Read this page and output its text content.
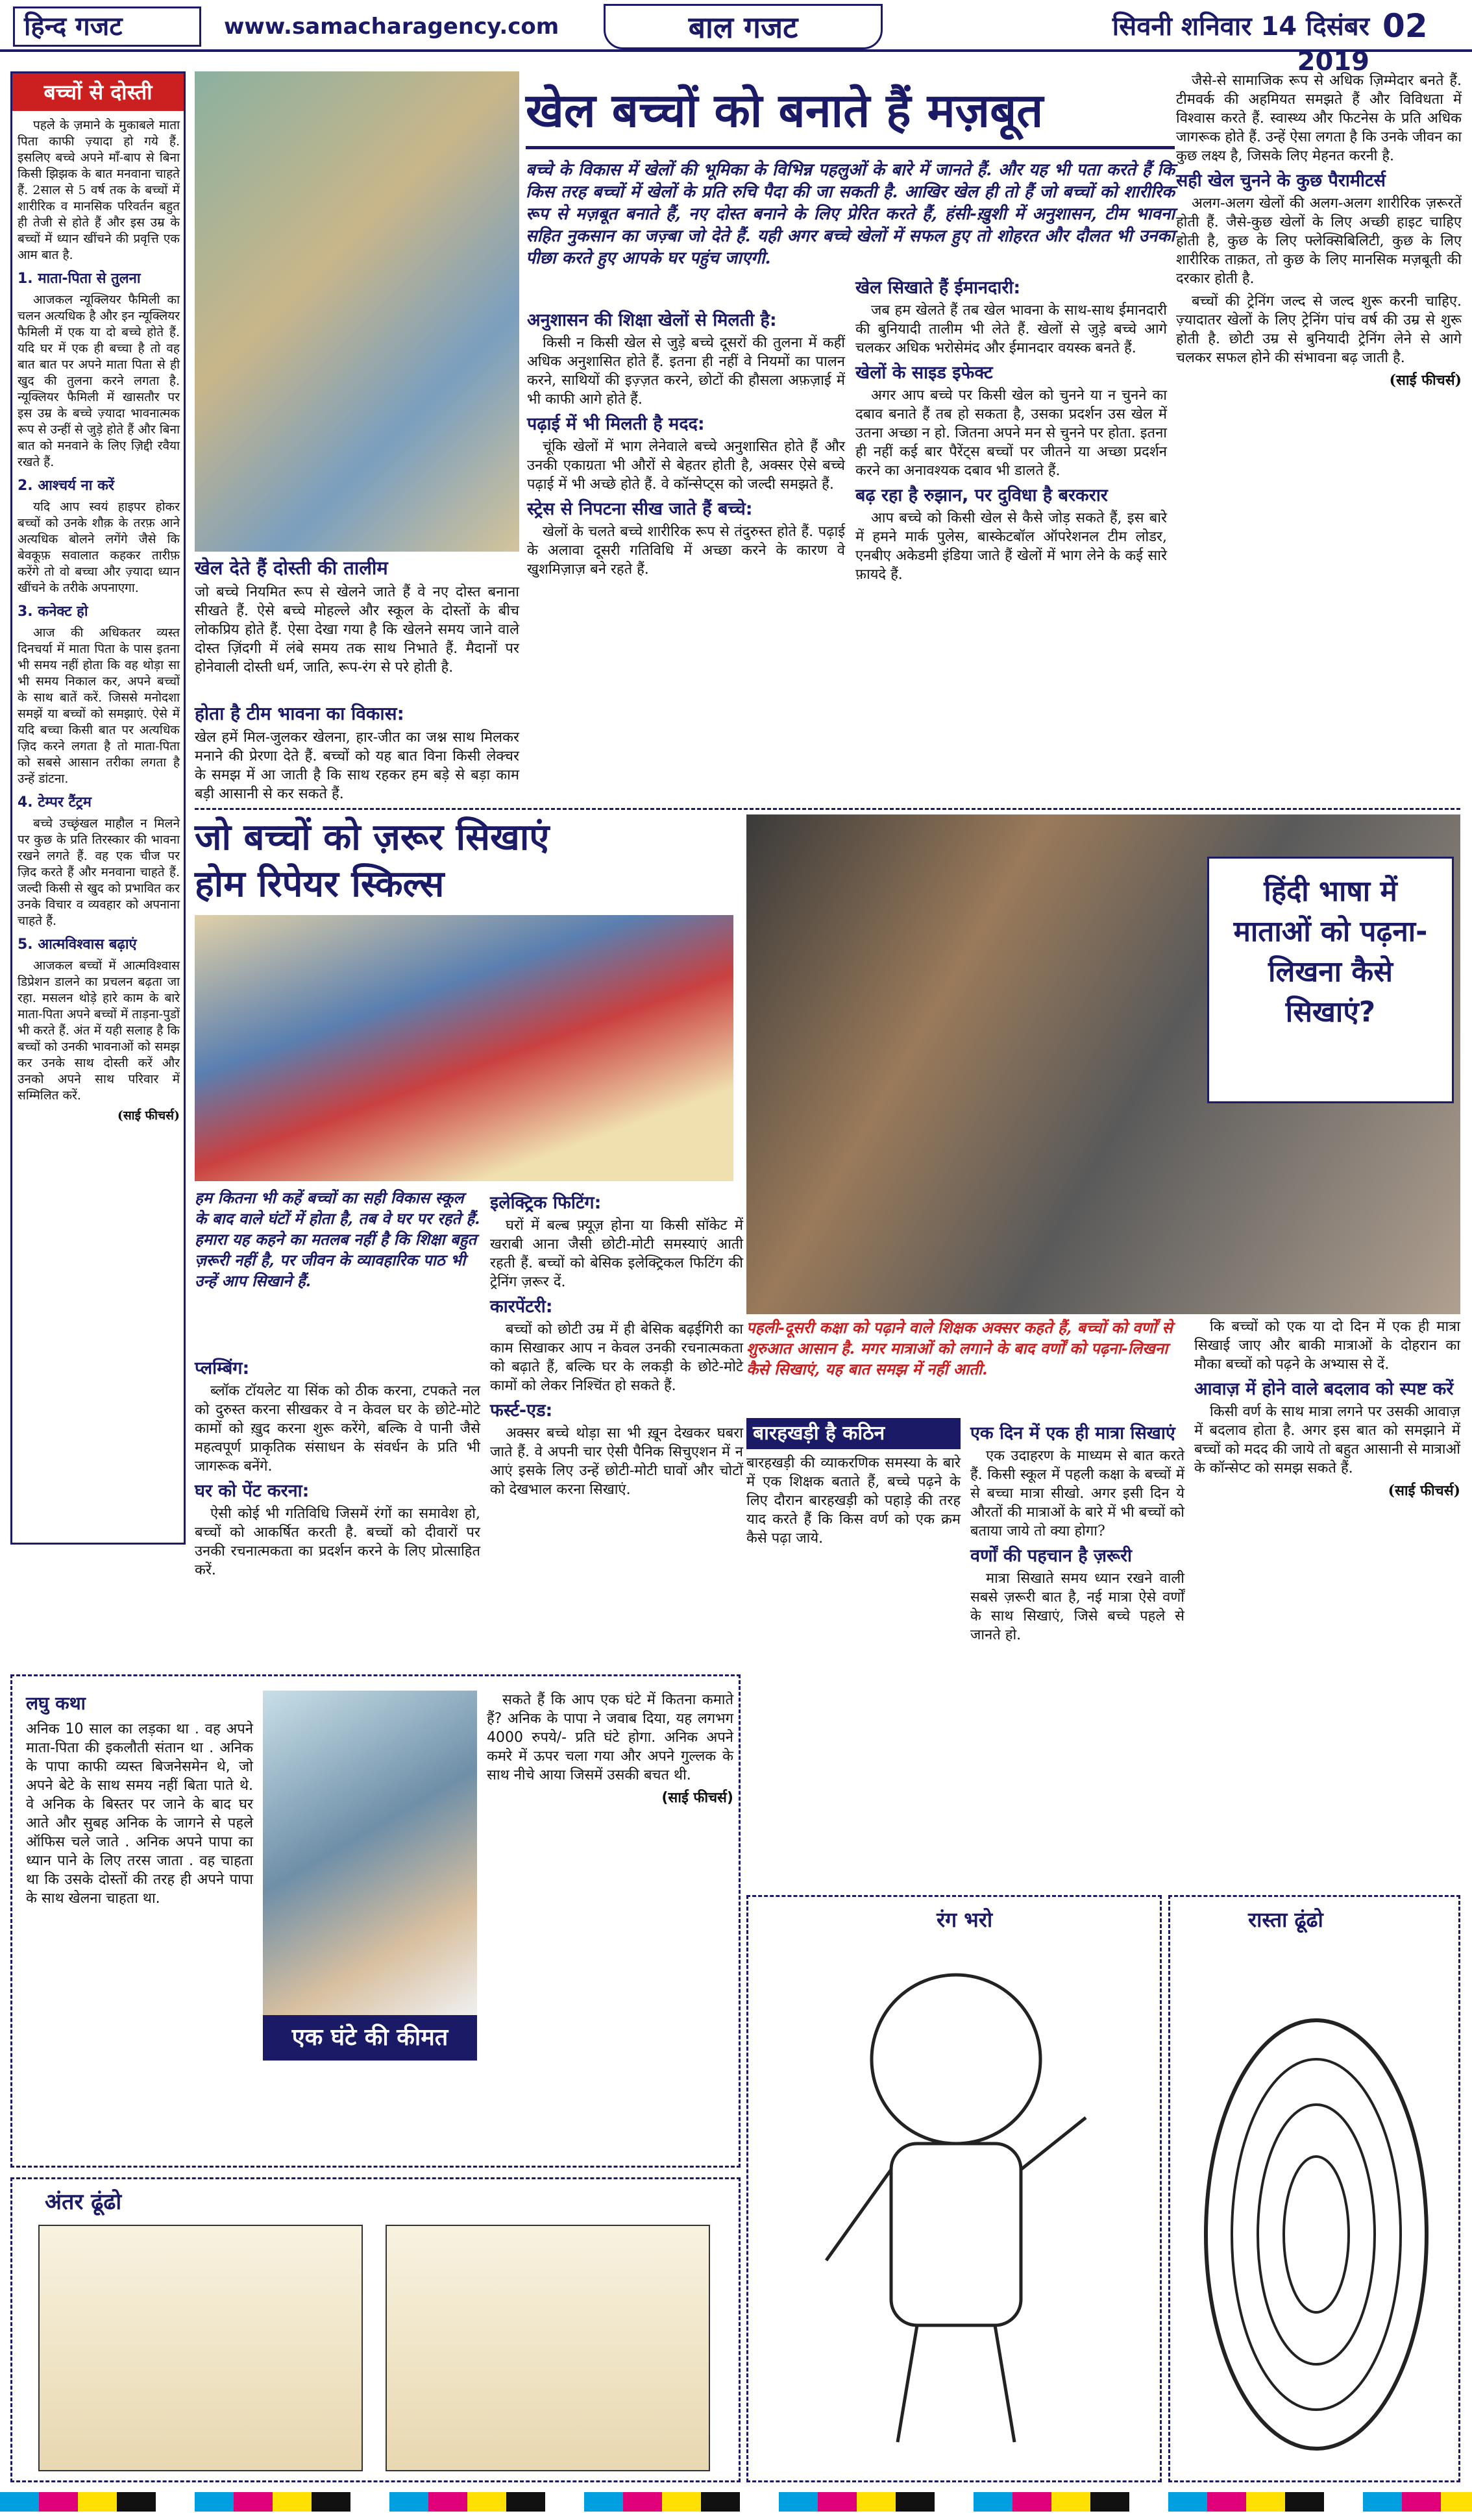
हिन्द गजट	www.samacharagency.com	बाल गजट	सिवनी शनिवार 14 दिसंबर 2019
02
बच्चों से दोस्ती

पहले के ज़माने के मुकाबले माता पिता काफी ज़्यादा हो गये हैं. इसलिए बच्चे अपने माँ-बाप से बिना किसी झिझक के बात मनवाना चाहते हैं. 2साल से 5 वर्ष तक के बच्चों में शारीरिक व मानसिक परिवर्तन बहुत ही तेजी से होते हैं और इस उम्र के बच्चों में ध्यान खींचने की प्रवृत्ति एक आम बात है.

1. माता-पिता से तुलना

आजकल न्यूक्लियर फैमिली का चलन अत्यधिक है और इन न्यूक्लियर फैमिली में एक या दो बच्चे होते हैं. यदि घर में एक ही बच्चा है तो वह बात बात पर अपने माता पिता से ही खुद की तुलना करने लगता है. न्यूक्लियर फैमिली में खासतौर पर इस उम्र के बच्चे ज़्यादा भावनात्मक रूप से उन्हीं से जुड़े होते हैं और बिना बात को मनवाने के लिए ज़िद्दी रवैया रखते हैं.

2. आश्चर्य ना करें

यदि आप स्वयं हाइपर होकर बच्चों को उनके शौक़ के तरफ़ आने अत्यधिक बोलने लगेंगे जैसे कि बेवकूफ़ सवालात कहकर तारीफ़ करेंगे तो वो बच्चा और ज़्यादा ध्यान खींचने के तरीके अपनाएगा.

3. कनेक्ट हो

आज की अधिकतर व्यस्त दिनचर्या में माता पिता के पास इतना भी समय नहीं होता कि वह थोड़ा सा भी समय निकाल कर, अपने बच्चों के साथ बातें करें. जिससे मनोदशा समझें या बच्चों को समझाएं. ऐसे में यदि बच्चा किसी बात पर अत्यधिक ज़िद करने लगता है तो माता-पिता को सबसे आसान तरीका लगता है उन्हें डांटना.

4. टेम्पर टैंट्रम

बच्चे उच्छृंखल माहौल न मिलने पर कुछ के प्रति तिरस्कार की भावना रखने लगते हैं. वह एक चीज पर ज़िद करते हैं और मनवाना चाहते हैं. जल्दी किसी से खुद को प्रभावित कर उनके विचार व व्यवहार को अपनाना चाहते हैं.

5. आत्मविश्वास बढ़ाएं

आजकल बच्चों में आत्मविश्वास डिप्रेशन डालने का प्रचलन बढ़ता जा रहा. मसलन थोड़े हारे काम के बारे माता-पिता अपने बच्चों में ताड़ना-पुडों भी करते हैं. अंत में यही सलाह है कि बच्चों को उनकी भावनाओं को समझ कर उनके साथ दोस्ती करें और उनको अपने साथ परिवार में सम्मिलित करें.

(साई फीचर्स)
खेल बच्चों को बनाते हैं मज़बूत
बच्चे के विकास में खेलों की भूमिका के विभिन्न पहलुओं के बारे में जानते हैं. और यह भी पता करते हैं कि किस तरह बच्चों में खेलों के प्रति रुचि पैदा की जा सकती है. आखिर खेल ही तो हैं जो बच्चों को शारीरिक रूप से मज़बूत बनाते हैं, नए दोस्त बनाने के लिए प्रेरित करते हैं, हंसी-ख़ुशी में अनुशासन, टीम भावना सहित नुकसान का जज़्बा जो देते हैं. यही अगर बच्चे खेलों में सफल हुए तो शोहरत और दौलत भी उनका पीछा करते हुए आपके घर पहुंच जाएगी.
खेल देते हैं दोस्ती की तालीम
जो बच्चे नियमित रूप से खेलने जाते हैं वे नए दोस्त बनाना सीखते हैं. ऐसे बच्चे मोहल्ले और स्कूल के दोस्तों के बीच लोकप्रिय होते हैं. ऐसा देखा गया है कि खेलने समय जाने वाले दोस्त ज़िंदगी में लंबे समय तक साथ निभाते हैं. मैदानों पर होनेवाली दोस्ती धर्म, जाति, रूप-रंग से परे होती है.
होता है टीम भावना का विकास:
खेल हमें मिल-जुलकर खेलना, हार-जीत का जश्न साथ मिलकर मनाने की प्रेरणा देते हैं. बच्चों को यह बात विना किसी लेक्चर के समझ में आ जाती है कि साथ रहकर हम बड़े से बड़ा काम बड़ी आसानी से कर सकते हैं.
अनुशासन की शिक्षा खेलों से मिलती है:

किसी न किसी खेल से जुड़े बच्चे दूसरों की तुलना में कहीं अधिक अनुशासित होते हैं. इतना ही नहीं वे नियमों का पालन करने, साथियों की इज़्ज़त करने, छोटों की हौसला अफ़ज़ाई में भी काफी आगे होते हैं.

पढ़ाई में भी मिलती है मदद:

चूंकि खेलों में भाग लेनेवाले बच्चे अनुशासित होते हैं और उनकी एकाग्रता भी औरों से बेहतर होती है, अक्सर ऐसे बच्चे पढ़ाई में भी अच्छे होते हैं. वे कॉन्सेप्ट्स को जल्दी समझते हैं.

स्ट्रेस से निपटना सीख जाते हैं बच्चे:

खेलों के चलते बच्चे शारीरिक रूप से तंदुरुस्त होते हैं. पढ़ाई के अलावा दूसरी गतिविधि में अच्छा करने के कारण वे खुशमिज़ाज़ बने रहते हैं.

खेल सिखाते हैं ईमानदारी:

जब हम खेलते हैं तब खेल भावना के साथ-साथ ईमानदारी की बुनियादी तालीम भी लेते हैं. खेलों से जुड़े बच्चे आगे चलकर अधिक भरोसेमंद और ईमानदार वयस्क बनते हैं.

खेलों के साइड इफेक्ट

अगर आप बच्चे पर किसी खेल को चुनने या न चुनने का दबाव बनाते हैं तब हो सकता है, उसका प्रदर्शन उस खेल में उतना अच्छा न हो. जितना अपने मन से चुनने पर होता. इतना ही नहीं कई बार पैरेंट्स बच्चों पर जीतने या अच्छा प्रदर्शन करने का अनावश्यक दबाव भी डालते हैं.

बढ़ रहा है रुझान, पर दुविधा है बरकरार

आप बच्चे को किसी खेल से कैसे जोड़ सकते हैं, इस बारे में हमने मार्क पुलेस, बास्केटबॉल ऑपरेशनल टीम लोडर, एनबीए अकेडमी इंडिया जाते हैं खेलों में भाग लेने के कई सारे फ़ायदे हैं.

जैसे-से सामाजिक रूप से अधिक ज़िम्मेदार बनते हैं. टीमवर्क की अहमियत समझते हैं और विविधता में विश्वास करते हैं. स्वास्थ्य और फिटनेस के प्रति अधिक जागरूक होते हैं. उन्हें ऐसा लगता है कि उनके जीवन का कुछ लक्ष्य है, जिसके लिए मेहनत करनी है.

सही खेल चुनने के कुछ पैरामीटर्स

अलग-अलग खेलों की अलग-अलग शारीरिक ज़रूरतें होती हैं. जैसे-कुछ खेलों के लिए अच्छी हाइट चाहिए होती है, कुछ के लिए फ्लेक्सिबिलिटी, कुछ के लिए शारीरिक ताक़त, तो कुछ के लिए मानसिक मज़बूती की दरकार होती है.

बच्चों की ट्रेनिंग जल्द से जल्द शुरू करनी चाहिए. ज़्यादातर खेलों के लिए ट्रेनिंग पांच वर्ष की उम्र से शुरू होती है. छोटी उम्र से बुनियादी ट्रेनिंग लेने से आगे चलकर सफल होने की संभावना बढ़ जाती है.

(साई फीचर्स)
जो बच्चों को ज़रूर सिखाएं
होम रिपेयर स्किल्स
हम कितना भी कहें बच्चों का सही विकास स्कूल के बाद वाले घंटों में होता है, तब वे घर पर रहते हैं. हमारा यह कहने का मतलब नहीं है कि शिक्षा बहुत ज़रूरी नहीं है, पर जीवन के व्यावहारिक पाठ भी उन्हें आप सिखाने हैं.
प्लम्बिंग:

ब्लॉक टॉयलेट या सिंक को ठीक करना, टपकते नल को दुरुस्त करना सीखकर वे न केवल घर के छोटे-मोटे कामों को ख़ुद करना शुरू करेंगे, बल्कि वे पानी जैसे महत्वपूर्ण प्राकृतिक संसाधन के संवर्धन के प्रति भी जागरूक बनेंगे.

घर को पेंट करना:

ऐसी कोई भी गतिविधि जिसमें रंगों का समावेश हो, बच्चों को आकर्षित करती है. बच्चों को दीवारों पर उनकी रचनात्मकता का प्रदर्शन करने के लिए प्रोत्साहित करें.

इलेक्ट्रिक फिटिंग:

घरों में बल्ब फ़्यूज़ होना या किसी सॉकेट में खराबी आना जैसी छोटी-मोटी समस्याएं आती रहती हैं. बच्चों को बेसिक इलेक्ट्रिकल फिटिंग की ट्रेनिंग ज़रूर दें.

कारपेंटरी:

बच्चों को छोटी उम्र में ही बेसिक बढ़ईगिरी का काम सिखाकर आप न केवल उनकी रचनात्मकता को बढ़ाते हैं, बल्कि घर के लकड़ी के छोटे-मोटे कामों को लेकर निश्चिंत हो सकते हैं.

फर्स्ट-एड:

अक्सर बच्चे थोड़ा सा भी ख़ून देखकर घबरा जाते हैं. वे अपनी चार ऐसी पैनिक सिचुएशन में न आएं इसके लिए उन्हें छोटी-मोटी घावों और चोटों को देखभाल करना सिखाएं.

हिंदी भाषा में माताओं को पढ़ना-लिखना कैसे सिखाएं?
पहली-दूसरी कक्षा को पढ़ाने वाले शिक्षक अक्सर कहते हैं, बच्चों को वर्णों से शुरुआत आसान है. मगर मात्राओं को लगाने के बाद वर्णों को पढ़ना-लिखना कैसे सिखाएं, यह बात समझ में नहीं आती.

कि बच्चों को एक या दो दिन में एक ही मात्रा सिखाई जाए और बाकी मात्राओं के दोहरान का मौका बच्चों को पढ़ने के अभ्यास से दें.

आवाज़ में होने वाले बदलाव को स्पष्ट करें

किसी वर्ण के साथ मात्रा लगने पर उसकी आवाज़ में बदलाव होता है. अगर इस बात को समझाने में बच्चों को मदद की जाये तो बहुत आसानी से मात्राओं के कॉन्सेप्ट को समझ सकते हैं.

(साई फीचर्स)
बारहखड़ी है कठिन
बारहखड़ी की व्याकरणिक समस्या के बारे में एक शिक्षक बताते हैं, बच्चे पढ़ने के लिए दौरान बारहखड़ी को पहाड़े की तरह याद करते हैं कि किस वर्ण को एक क्रम कैसे पढ़ा जाये.
एक दिन में एक ही मात्रा सिखाएं

एक उदाहरण के माध्यम से बात करते हैं. किसी स्कूल में पहली कक्षा के बच्चों में से बच्चा मात्रा सीखो. अगर इसी दिन ये औरतों की मात्राओं के बारे में भी बच्चों को बताया जाये तो क्या होगा?

वर्णों की पहचान है ज़रूरी

मात्रा सिखाते समय ध्यान रखने वाली सबसे ज़रूरी बात है, नई मात्रा ऐसे वर्णों के साथ सिखाएं, जिसे बच्चे पहले से जानते हो.

लघु कथा
अनिक 10 साल का लड़का था . वह अपने माता-पिता की इकलौती संतान था . अनिक के पापा काफी व्यस्त बिजनेसमेन थे, जो अपने बेटे के साथ समय नहीं बिता पाते थे. वे अनिक के बिस्तर पर जाने के बाद घर आते और सुबह अनिक के जागने से पहले ऑफिस चले जाते . अनिक अपने पापा का ध्यान पाने के लिए तरस जाता . वह चाहता था कि उसके दोस्तों की तरह ही अपने पापा के साथ खेलना चाहता था.
एक घंटे की कीमत

सकते हैं कि आप एक घंटे में कितना कमाते हैं? अनिक के पापा ने जवाब दिया, यह लगभग 4000 रुपये/- प्रति घंटे होगा. अनिक अपने कमरे में ऊपर चला गया और अपने गुल्लक के साथ नीचे आया जिसमें उसकी बचत थी.

(साई फीचर्स)
अंतर ढूंढो
रंग भरो	रास्ता ढूंढो
